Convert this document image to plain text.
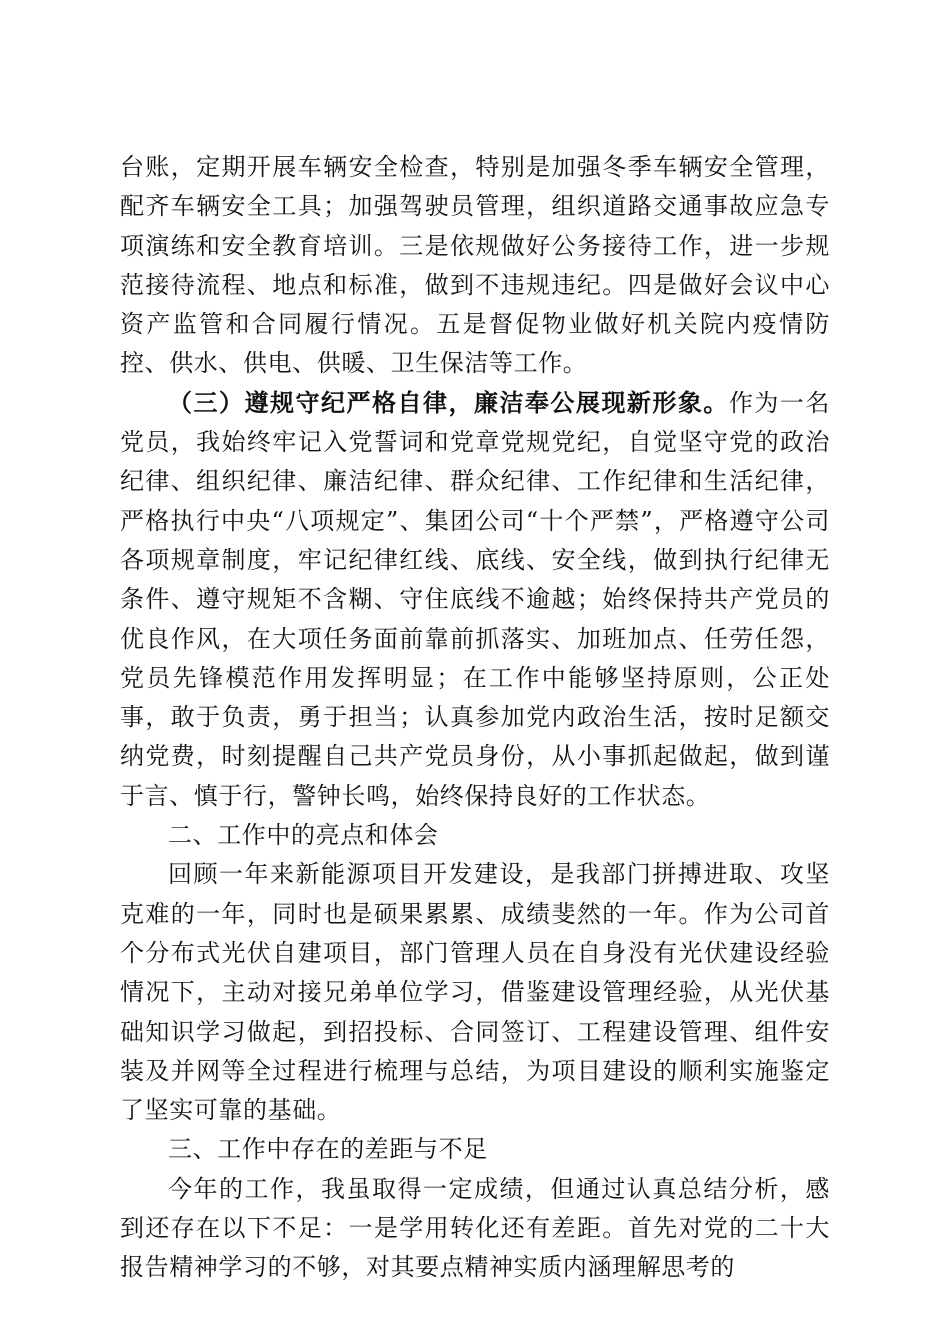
台账，定期开展车辆安全检查，特别是加强冬季车辆安全管理，配齐车辆安全工具；加强驾驶员管理，组织道路交通事故应急专项演练和安全教育培训。三是依规做好公务接待工作，进一步规范接待流程、地点和标准，做到不违规违纪。四是做好会议中心资产监管和合同履行情况。五是督促物业做好机关院内疫情防控、供水、供电、供暖、卫生保洁等工作。

（三）遵规守纪严格自律，廉洁奉公展现新形象。作为一名党员，我始终牢记入党誓词和党章党规党纪，自觉坚守党的政治纪律、组织纪律、廉洁纪律、群众纪律、工作纪律和生活纪律，严格执行中央“八项规定”、集团公司“十个严禁”，严格遵守公司各项规章制度，牢记纪律红线、底线、安全线，做到执行纪律无条件、遵守规矩不含糊、守住底线不逾越；始终保持共产党员的优良作风，在大项任务面前靠前抓落实、加班加点、任劳任怨，党员先锋模范作用发挥明显；在工作中能够坚持原则，公正处事，敢于负责，勇于担当；认真参加党内政治生活，按时足额交纳党费，时刻提醒自己共产党员身份，从小事抓起做起，做到谨于言、慎于行，警钟长鸣，始终保持良好的工作状态。

二、工作中的亮点和体会

回顾一年来新能源项目开发建设，是我部门拼搏进取、攻坚克难的一年，同时也是硕果累累、成绩斐然的一年。作为公司首个分布式光伏自建项目，部门管理人员在自身没有光伏建设经验情况下，主动对接兄弟单位学习，借鉴建设管理经验，从光伏基础知识学习做起，到招投标、合同签订、工程建设管理、组件安装及并网等全过程进行梳理与总结，为项目建设的顺利实施鉴定了坚实可靠的基础。

三、工作中存在的差距与不足

今年的工作，我虽取得一定成绩，但通过认真总结分析，感到还存在以下不足：一是学用转化还有差距。首先对党的二十大报告精神学习的不够，对其要点精神实质内涵理解思考的
